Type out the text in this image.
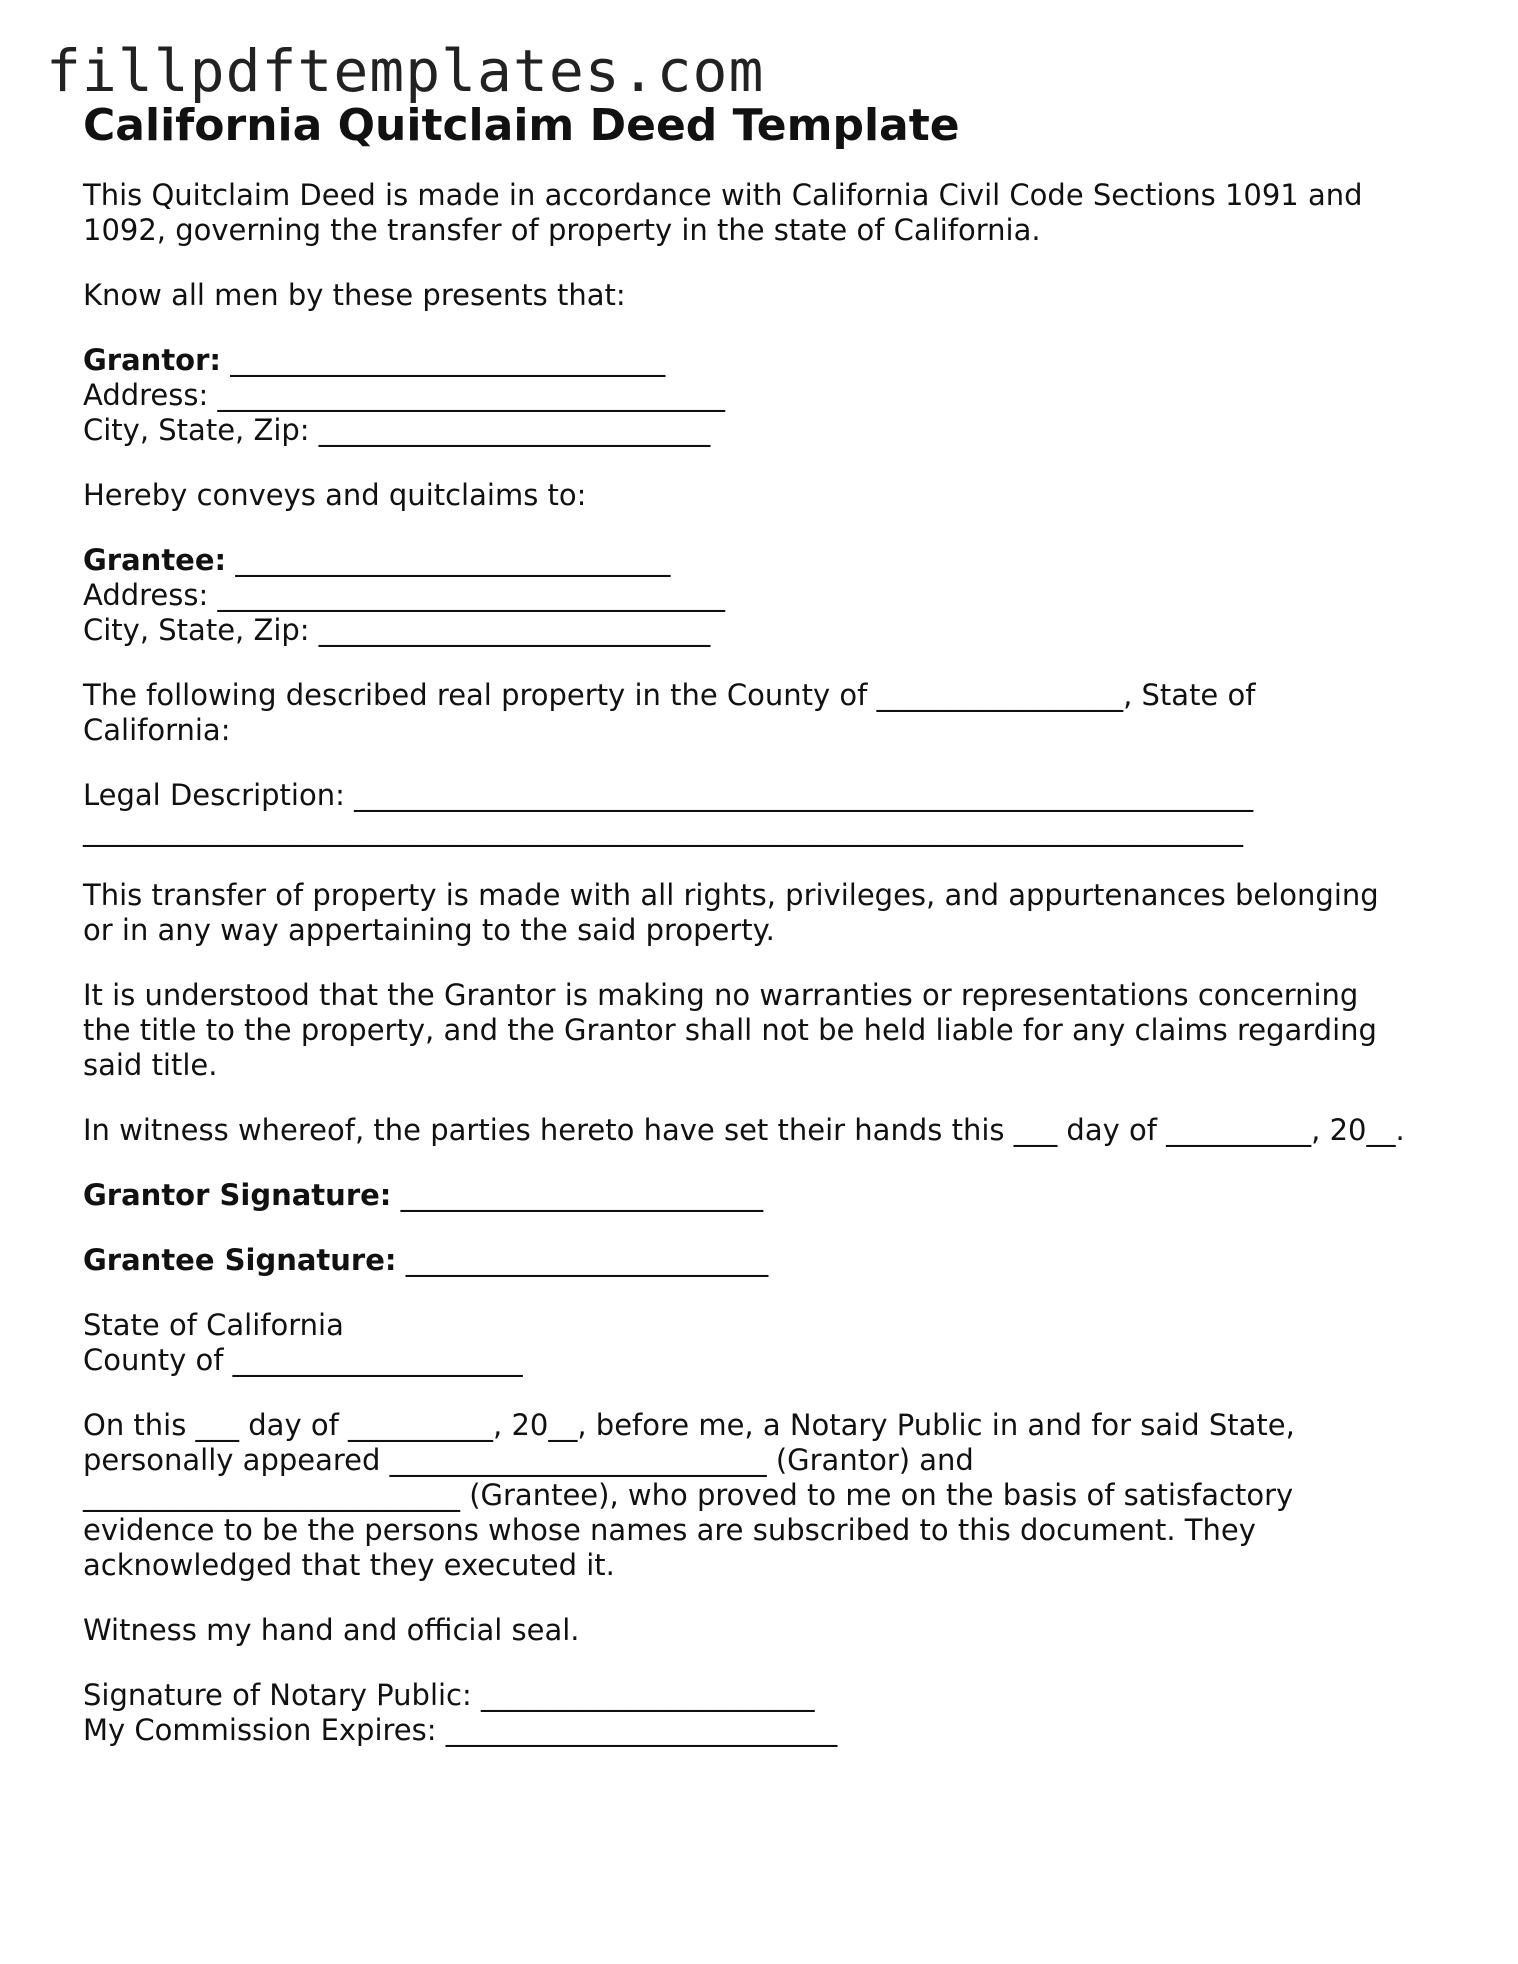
fillpdftemplates.com
California Quitclaim Deed Template
This Quitclaim Deed is made in accordance with California Civil Code Sections 1091 and
1092, governing the transfer of property in the state of California.
Know all men by these presents that:
Grantor: ______________________________
Address: ___________________________________
City, State, Zip: ___________________________
Hereby conveys and quitclaims to:
Grantee: ______________________________
Address: ___________________________________
City, State, Zip: ___________________________
The following described real property in the County of _________________, State of
California:
Legal Description: ______________________________________________________________
________________________________________________________________________________
This transfer of property is made with all rights, privileges, and appurtenances belonging
or in any way appertaining to the said property.
It is understood that the Grantor is making no warranties or representations concerning
the title to the property, and the Grantor shall not be held liable for any claims regarding
said title.
In witness whereof, the parties hereto have set their hands this ___ day of __________, 20__.
Grantor Signature: _________________________
Grantee Signature: _________________________
State of California
County of ____________________
On this ___ day of __________, 20__, before me, a Notary Public in and for said State,
personally appeared __________________________ (Grantor) and
__________________________ (Grantee), who proved to me on the basis of satisfactory
evidence to be the persons whose names are subscribed to this document. They
acknowledged that they executed it.
Witness my hand and official seal.
Signature of Notary Public: _______________________
My Commission Expires: ___________________________
